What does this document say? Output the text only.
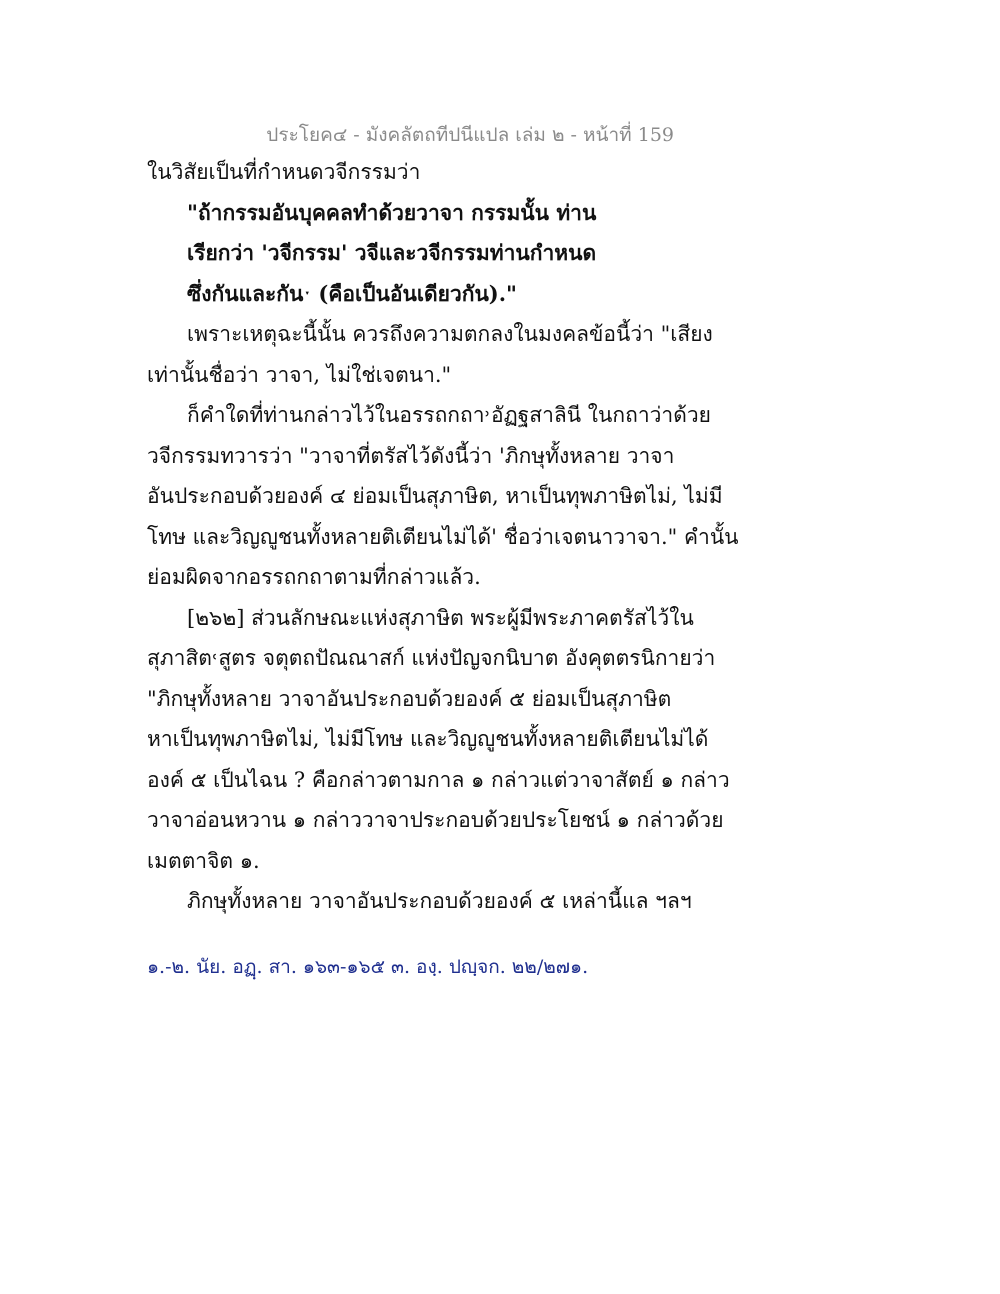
ประโยค๔ - มังคลัตถทีปนีแปล เล่ม ๒ - หน้าที่ 159
ในวิสัยเป็นที่กำหนดวจีกรรมว่า
"ถ้ากรรมอันบุคคลทำด้วยวาจา กรรมนั้น ท่าน
เรียกว่า 'วจีกรรม' วจีและวจีกรรมท่านกำหนด
ซึ่งกันและกันˑ (คือเป็นอันเดียวกัน)."
เพราะเหตุฉะนี้นั้น ควรถึงความตกลงในมงคลข้อนี้ว่า "เสียง
เท่านั้นชื่อว่า วาจา, ไม่ใช่เจตนา."
ก็คำใดที่ท่านกล่าวไว้ในอรรถกถา˒อัฏฐสาลินี ในกถาว่าด้วย
วจีกรรมทวารว่า "วาจาที่ตรัสไว้ดังนี้ว่า 'ภิกษุทั้งหลาย วาจา
อันประกอบด้วยองค์ ๔ ย่อมเป็นสุภาษิต, หาเป็นทุพภาษิตไม่, ไม่มี
โทษ และวิญญูชนทั้งหลายติเตียนไม่ได้' ชื่อว่าเจตนาวาจา." คำนั้น
ย่อมผิดจากอรรถกถาตามที่กล่าวแล้ว.
[๒๖๒] ส่วนลักษณะแห่งสุภาษิต พระผู้มีพระภาคตรัสไว้ใน
สุภาสิต˓สูตร จตุตถปัณณาสก์ แห่งปัญจกนิบาต อังคุตตรนิกายว่า
"ภิกษุทั้งหลาย วาจาอันประกอบด้วยองค์ ๕ ย่อมเป็นสุภาษิต
หาเป็นทุพภาษิตไม่, ไม่มีโทษ และวิญญูชนทั้งหลายติเตียนไม่ได้
องค์ ๕ เป็นไฉน ? คือกล่าวตามกาล ๑ กล่าวแต่วาจาสัตย์ ๑ กล่าว
วาจาอ่อนหวาน ๑ กล่าววาจาประกอบด้วยประโยชน์ ๑ กล่าวด้วย
เมตตาจิต ๑.
ภิกษุทั้งหลาย วาจาอันประกอบด้วยองค์ ๕ เหล่านี้แล ฯลฯ
๑.-๒. นัย. อฏฺ. สา. ๑๖๓-๑๖๕ ๓. องฺ. ปญฺจก. ๒๒/๒๗๑.
